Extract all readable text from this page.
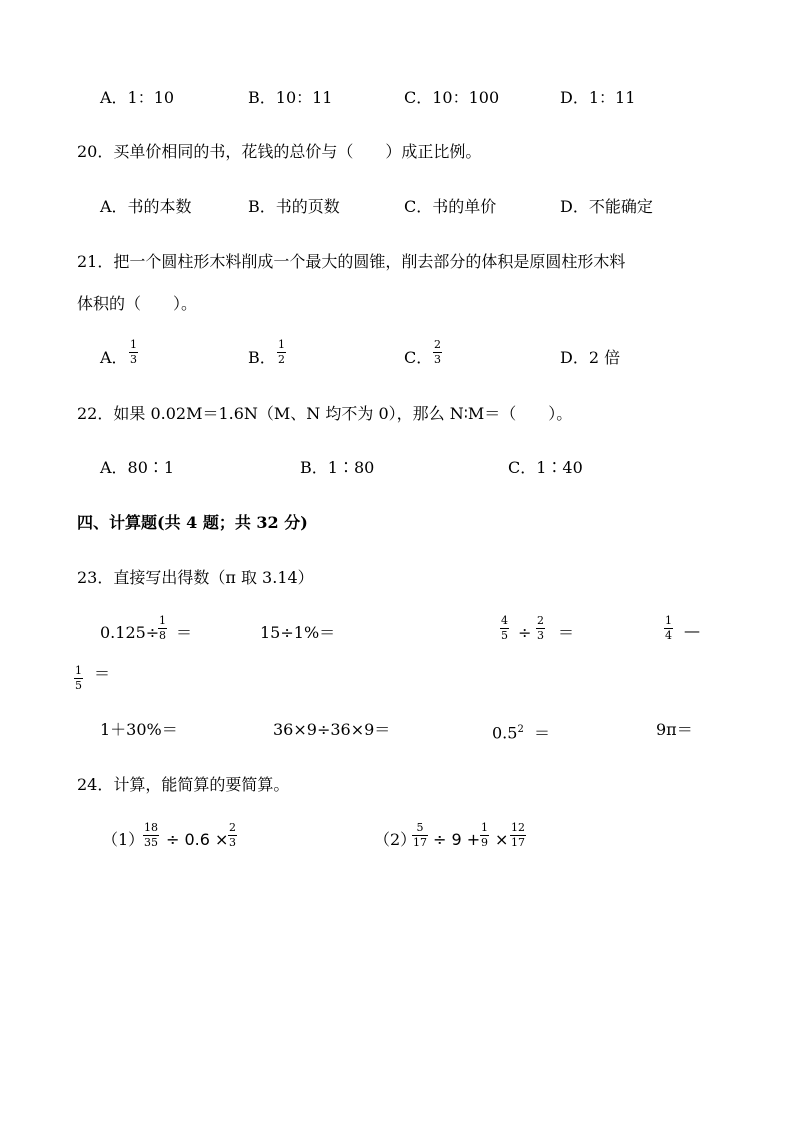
A．1：10	B．10：11	C．10：100	D．1：11
20．买单价相同的书，花钱的总价与（　　）成正比例。
A．书的本数	B．书的页数	C．书的单价	D．不能确定
21．把一个圆柱形木料削成一个最大的圆锥，削去部分的体积是原圆柱形木料
体积的（　　）。
A．
1
3	B．
1
2	C．
2
3	D．2 倍
22．如果 0.02M＝1.6N（M、N 均不为 0），那么 N∶M＝（　　）。
A．80∶1	B．1∶80	C．1∶40
四、计算题(共 4 题；共 32 分)
23．直接写出得数（π 取 3.14）
0.125÷
1
8 ＝	15÷1%＝
4
5 ÷
2
3 ＝
1
4 —
1
5
＝
1＋30%＝	36×9÷36×9＝	$0.5^2$ ＝	9π＝
24．计算，能简算的要简算。
（1）
18
35 ÷ 0.6 ×
2
3	（2）
5
17 ÷ 9 +
1
9 ×
12
17
